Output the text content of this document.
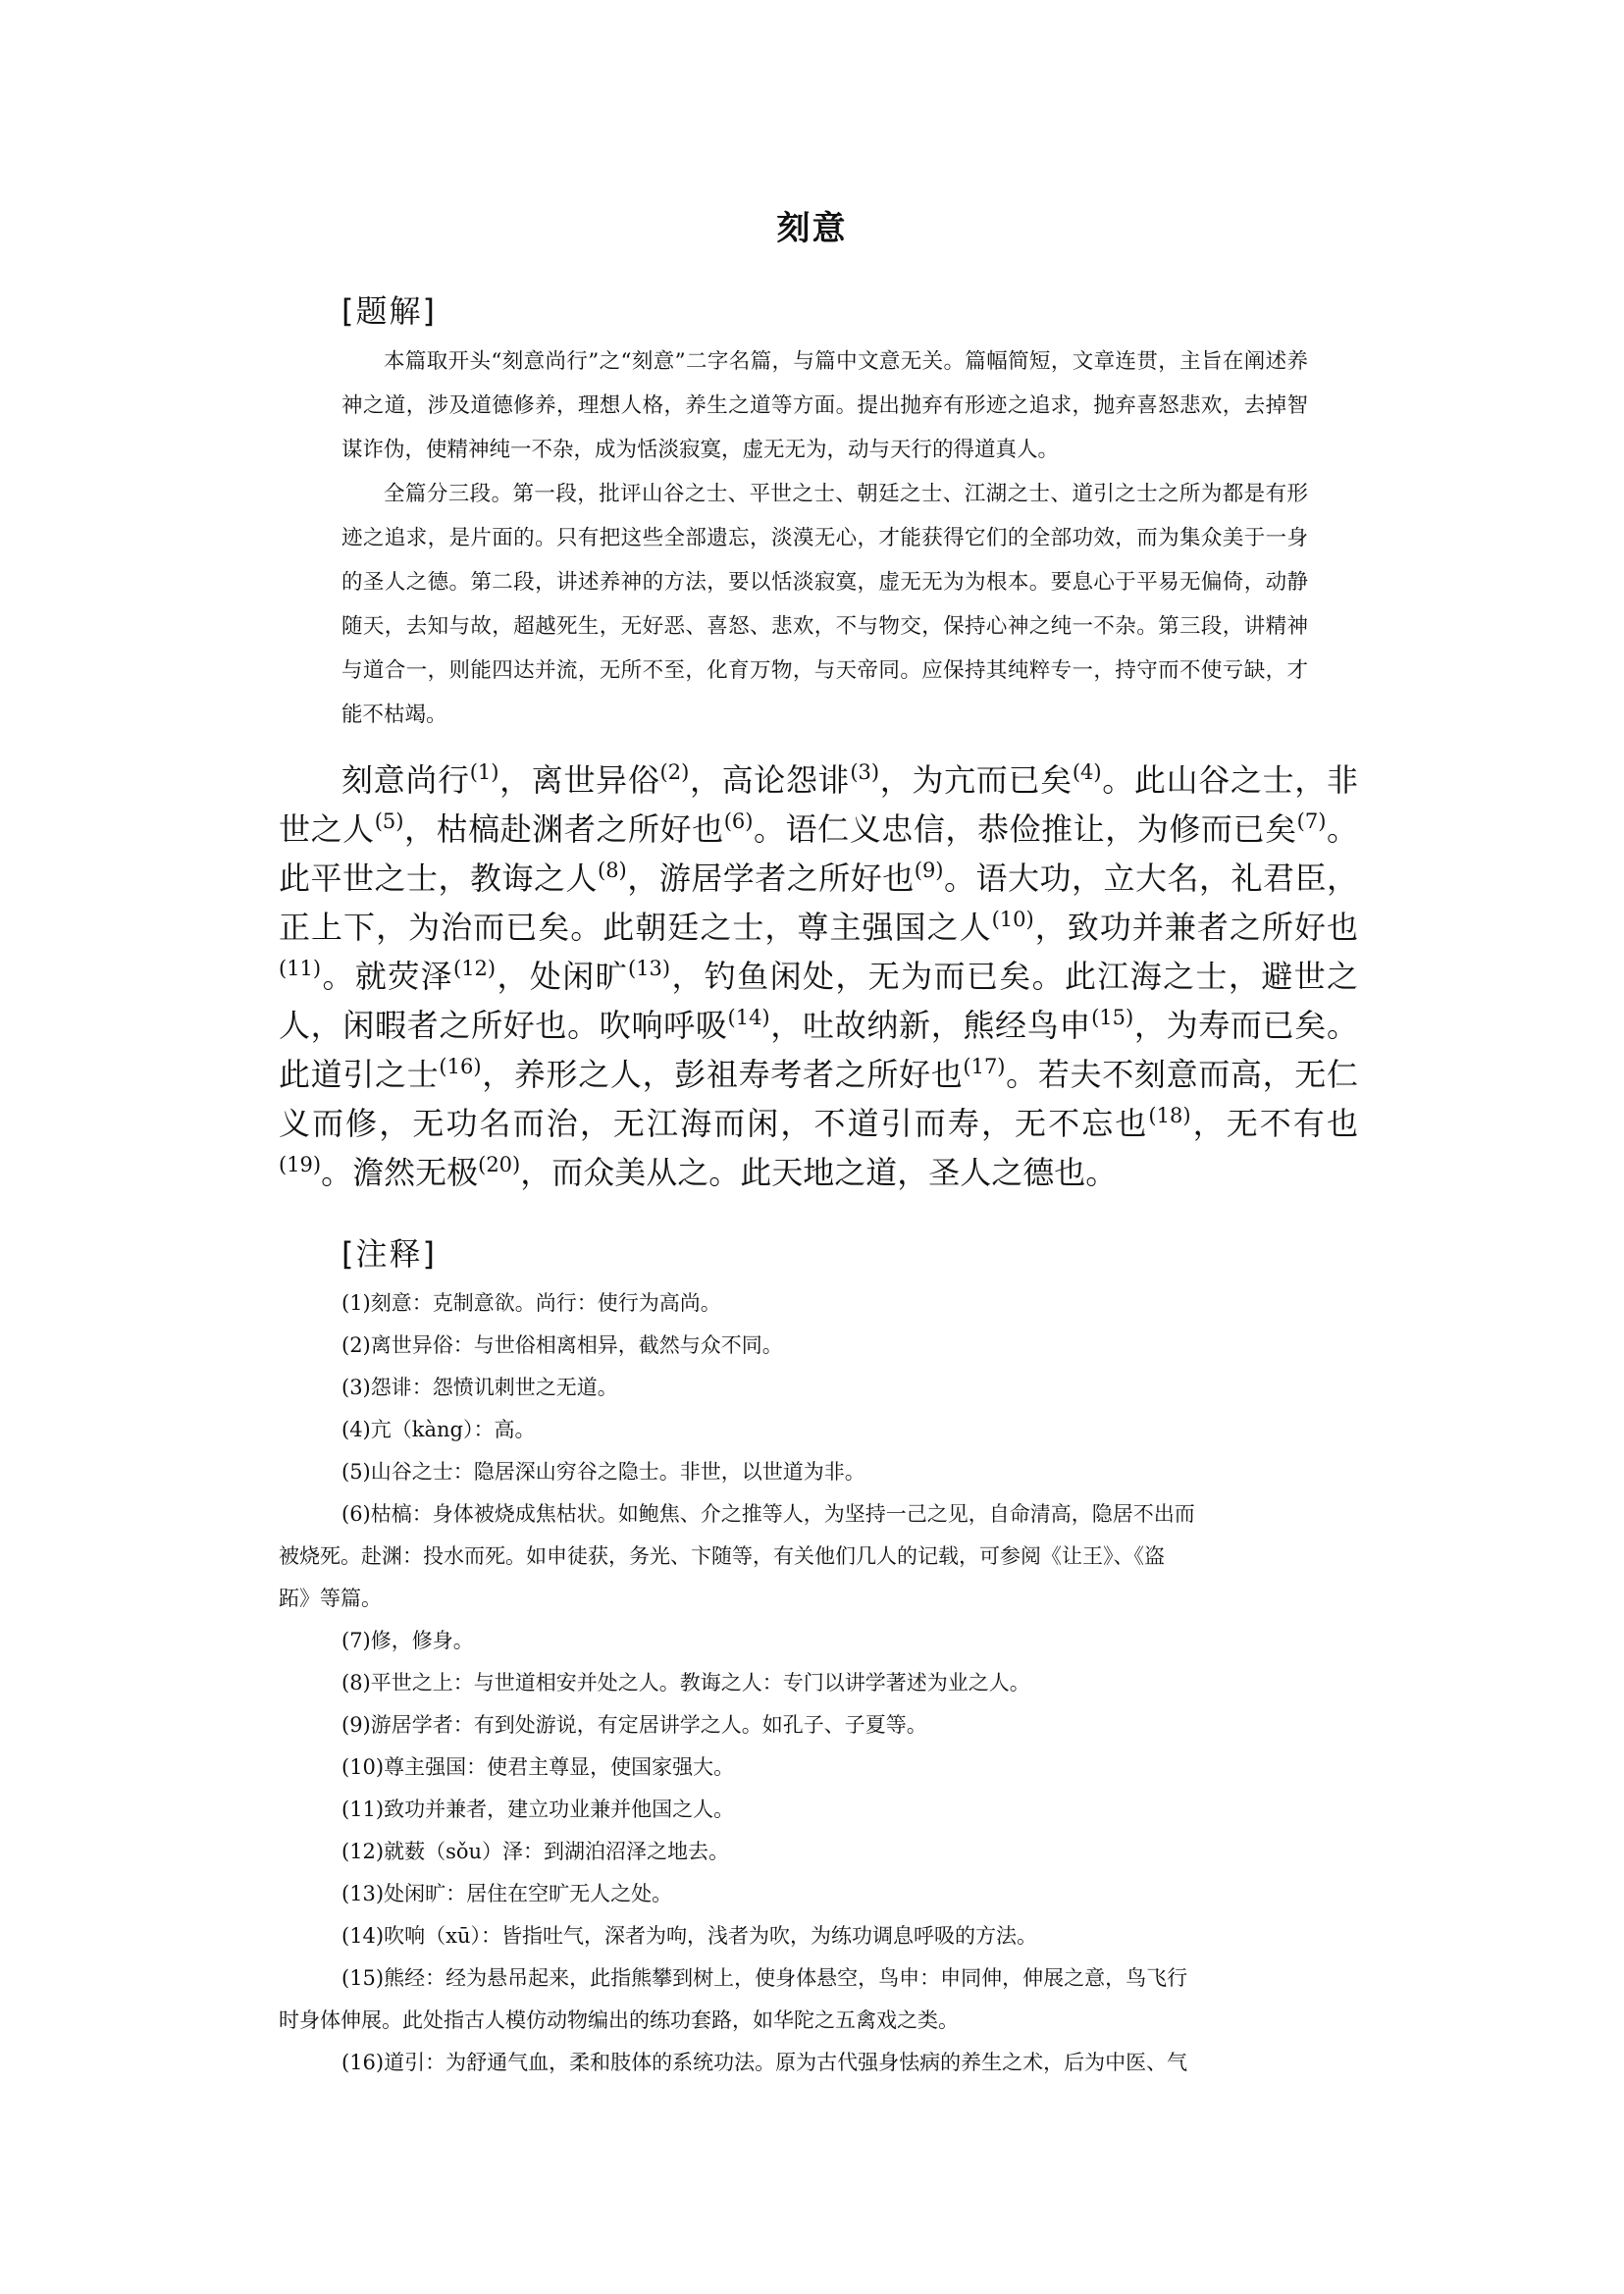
刻意
[题解]

本篇取开头“刻意尚行”之“刻意”二字名篇，与篇中文意无关。篇幅简短，文章连贯，主旨在阐述养神之道，涉及道德修养，理想人格，养生之道等方面。提出抛弃有形迹之追求，抛弃喜怒悲欢，去掉智谋诈伪，使精神纯一不杂，成为恬淡寂寞，虚无无为，动与天行的得道真人。

全篇分三段。第一段，批评山谷之士、平世之士、朝廷之士、江湖之士、道引之士之所为都是有形迹之追求，是片面的。只有把这些全部遗忘，淡漠无心，才能获得它们的全部功效，而为集众美于一身的圣人之德。第二段，讲述养神的方法，要以恬淡寂寞，虚无无为为根本。要息心于平易无偏倚，动静随天，去知与故，超越死生，无好恶、喜怒、悲欢，不与物交，保持心神之纯一不杂。第三段，讲精神与道合一，则能四达并流，无所不至，化育万物，与天帝同。应保持其纯粹专一，持守而不使亏缺，才能不枯竭。

刻意尚行$^{(1)}$，离世异俗$^{(2)}$，高论怨诽$^{(3)}$，为亢而已矣$^{(4)}$。此山谷之士，非世之人$^{(5)}$，枯槁赴渊者之所好也$^{(6)}$。语仁义忠信，恭俭推让，为修而已矣$^{(7)}$。此平世之士，教诲之人$^{(8)}$，游居学者之所好也$^{(9)}$。语大功，立大名，礼君臣，正上下，为治而已矣。此朝廷之士，尊主强国之人$^{(10)}$，致功并兼者之所好也$^{(11)}$。就荧泽$^{(12)}$，处闲旷$^{(13)}$，钓鱼闲处，无为而已矣。此江海之士，避世之人，闲暇者之所好也。吹响呼吸$^{(14)}$，吐故纳新，熊经鸟申$^{(15)}$，为寿而已矣。此道引之士$^{(16)}$，养形之人，彭祖寿考者之所好也$^{(17)}$。若夫不刻意而高，无仁义而修，无功名而治，无江海而闲，不道引而寿，无不忘也$^{(18)}$，无不有也$^{(19)}$。澹然无极$^{(20)}$，而众美从之。此天地之道，圣人之德也。

[注释]

(1)刻意：克制意欲。尚行：使行为高尚。

(2)离世异俗：与世俗相离相异，截然与众不同。

(3)怨诽：怨愤讥刺世之无道。

(4)亢（kàng）：高。

(5)山谷之士：隐居深山穷谷之隐士。非世，以世道为非。

(6)枯槁：身体被烧成焦枯状。如鲍焦、介之推等人，为坚持一己之见，自命清高，隐居不出而

被烧死。赴渊：投水而死。如申徒获，务光、卞随等，有关他们几人的记载，可参阅《让王》、《盗

跖》等篇。

(7)修，修身。

(8)平世之上：与世道相安并处之人。教诲之人：专门以讲学著述为业之人。

(9)游居学者：有到处游说，有定居讲学之人。如孔子、子夏等。

(10)尊主强国：使君主尊显，使国家强大。

(11)致功并兼者，建立功业兼并他国之人。

(12)就薮（sǒu）泽：到湖泊沼泽之地去。

(13)处闲旷：居住在空旷无人之处。

(14)吹响（xū）：皆指吐气，深者为呴，浅者为吹，为练功调息呼吸的方法。

(15)熊经：经为悬吊起来，此指熊攀到树上，使身体悬空，鸟申：申同伸，伸展之意，鸟飞行

时身体伸展。此处指古人模仿动物编出的练功套路，如华陀之五禽戏之类。

(16)道引：为舒通气血，柔和肢体的系统功法。原为古代强身怯病的养生之术，后为中医、气
